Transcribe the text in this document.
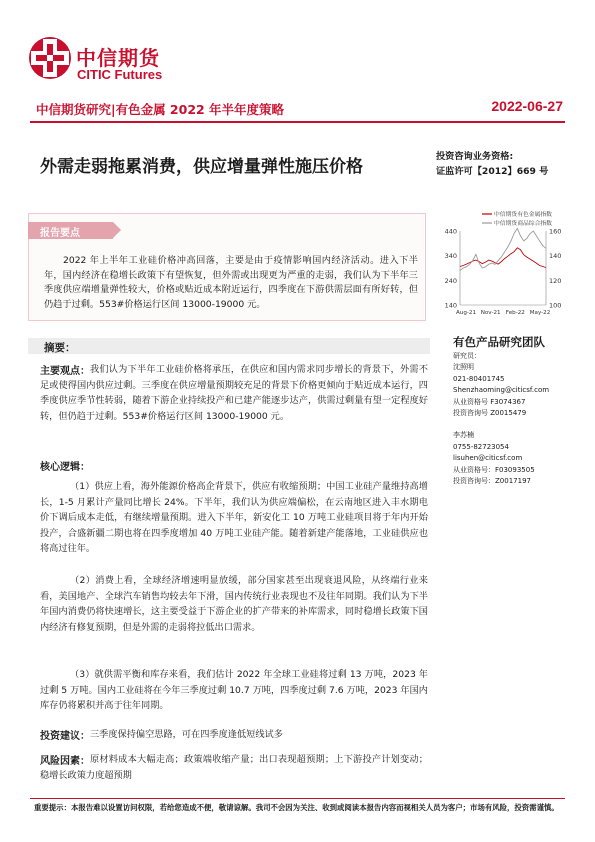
中信期货
CITIC Futures
中信期货研究|有色金属 2022 年半年度策略	2022-06-27
外需走弱拖累消费，供应增量弹性施压价格
投资咨询业务资格:
证监许可【2012】669 号
140
240
340
440
100
120
140
160
Aug-21 Nov-21 Feb-22 May-22
中信期货有色金属指数
中信期货商品综合指数
有色产品研究团队
研究员：
沈照明
021-80401745
Shenzhaoming@citicsf.com
从业资格号 F3074367
投资咨询号 Z0015479
李苏楠
0755-82723054
lisuhen@citicsf.com
从业资格号：F03093505
投资咨询号：Z0017197
报告要点
2022 年上半年工业硅价格冲高回落，主要是由于疫情影响国内经济活动。进入下半年，国内经济在稳增长政策下有望恢复，但外需或出现更为严重的走弱，我们认为下半年三季度供应端增量弹性较大，价格或贴近成本附近运行，四季度在下游供需层面有所好转，但仍趋于过剩。553#价格运行区间 13000-19000 元。
摘要：
主要观点： 我们认为下半年工业硅价格将承压，在供应和国内需求同步增长的背景下，外需不足或使得国内供应过剩。三季度在供应增量预期较充足的背景下价格更倾向于贴近成本运行，四季度供应季节性转弱，随着下游企业持续投产和已建产能逐步达产，供需过剩量有望一定程度好转，但仍趋于过剩。553#价格运行区间 13000-19000 元。
核心逻辑：
（1）供应上看，海外能源价格高企背景下，供应有收缩预期；中国工业硅产量维持高增长，1-5 月累计产量同比增长 24%。下半年，我们认为供应端偏松，在云南地区进入丰水期电价下调后成本走低，有继续增量预期。进入下半年，新安化工 10 万吨工业硅项目将于年内开始投产，合盛新疆二期也将在四季度增加 40 万吨工业硅产能。随着新建产能落地，工业硅供应也将高过往年。
（2）消费上看，全球经济增速明显放缓，部分国家甚至出现衰退风险，从终端行业来看，美国地产、全球汽车销售均较去年下滑，国内传统行业表现也不及往年同期。我们认为下半年国内消费仍将快速增长，这主要受益于下游企业的扩产带来的补库需求，同时稳增长政策下国内经济有修复预期，但是外需的走弱将拉低出口需求。
（3）就供需平衡和库存来看，我们估计 2022 年全球工业硅将过剩 13 万吨，2023 年过剩 5 万吨。国内工业硅将在今年三季度过剩 10.7 万吨，四季度过剩 7.6 万吨，2023 年国内库存仍将累积并高于往年同期。
投资建议： 三季度保持偏空思路，可在四季度逢低短线试多
风险因素： 原材料成本大幅走高；政策端收缩产量；出口表现超预期；上下游投产计划变动；稳增长政策力度超预期
重要提示：本报告难以设置访问权限，若给您造成不便，敬请谅解。我司不会因为关注、收到或阅读本报告内容而视相关人员为客户；市场有风险，投资需谨慎。
